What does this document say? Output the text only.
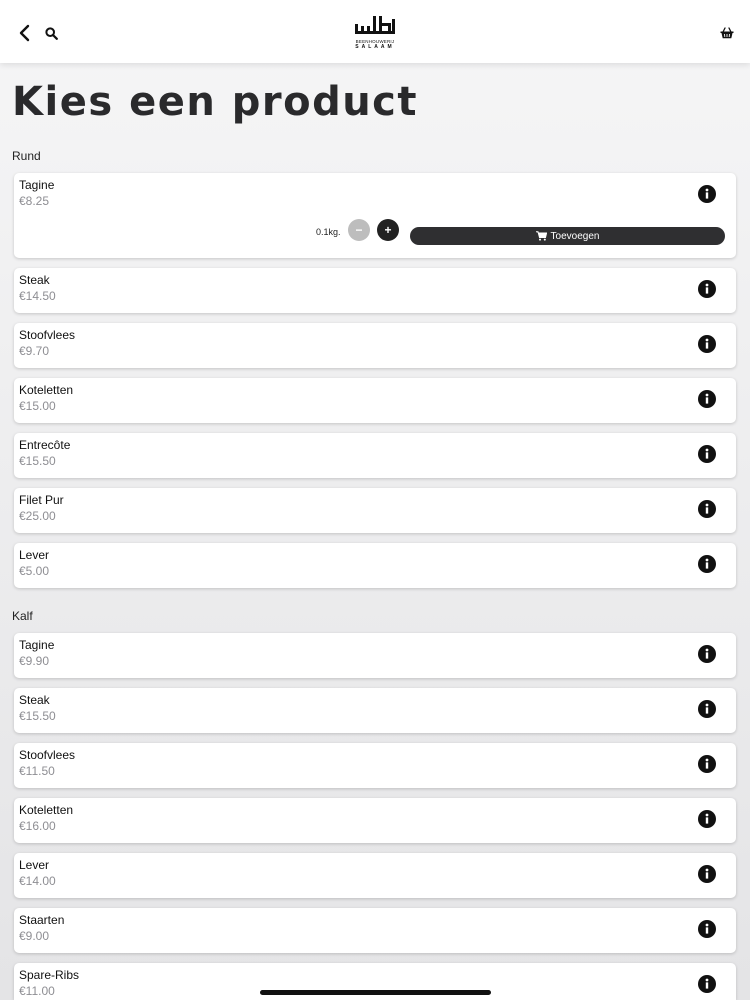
BEENHOUWERIJ
SALAAM
Kies een product
Rund
Tagine
€8.25
0.1kg.	−	+	Toevoegen
Steak
€14.50
Stoofvlees
€9.70
Koteletten
€15.00
Entrecôte
€15.50
Filet Pur
€25.00
Lever
€5.00
Kalf
Tagine
€9.90
Steak
€15.50
Stoofvlees
€11.50
Koteletten
€16.00
Lever
€14.00
Staarten
€9.00
Spare-Ribs
€11.00
